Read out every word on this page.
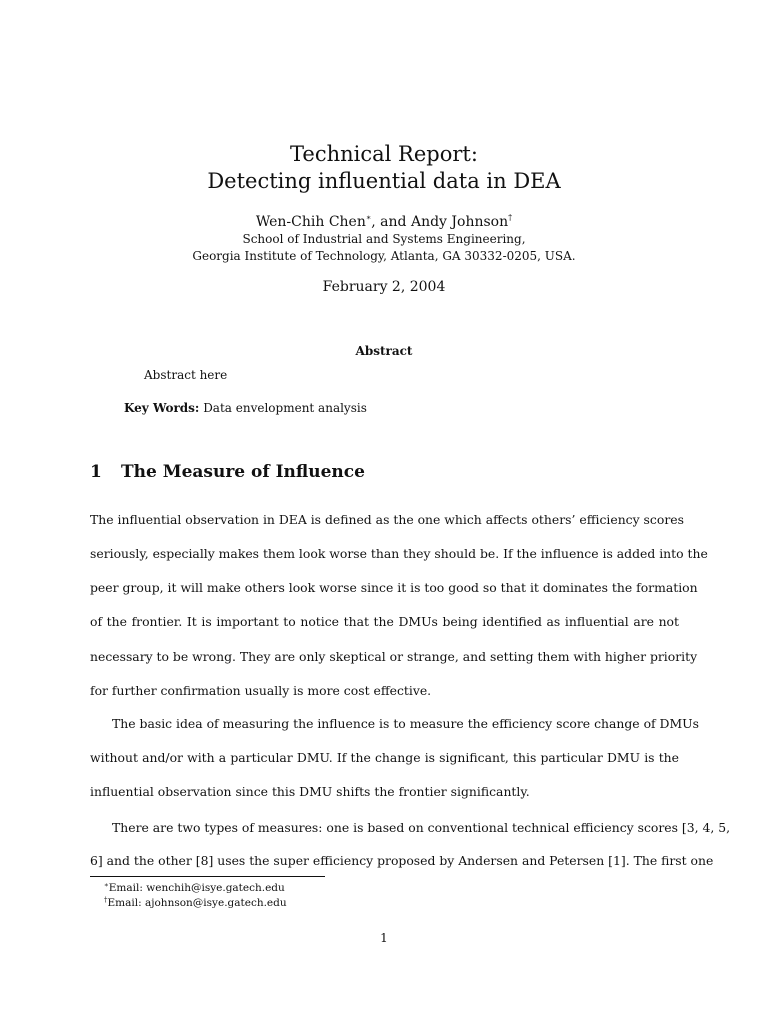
Technical Report:
Detecting influential data in DEA
Wen-Chih Chen∗, and Andy Johnson†
School of Industrial and Systems Engineering,
Georgia Institute of Technology, Atlanta, GA 30332-0205, USA.
February 2, 2004
Abstract
Abstract here
Key Words: Data envelopment analysis
1 The Measure of Influence
The influential observation in DEA is defined as the one which affects others’ efficiency scores
seriously, especially makes them look worse than they should be. If the influence is added into the
peer group, it will make others look worse since it is too good so that it dominates the formation
of the frontier. It is important to notice that the DMUs being identified as influential are not
necessary to be wrong. They are only skeptical or strange, and setting them with higher priority
for further confirmation usually is more cost effective.
The basic idea of measuring the influence is to measure the efficiency score change of DMUs
without and/or with a particular DMU. If the change is significant, this particular DMU is the
influential observation since this DMU shifts the frontier significantly.
There are two types of measures: one is based on conventional technical efficiency scores [3, 4, 5,
6] and the other [8] uses the super efficiency proposed by Andersen and Petersen [1]. The first one
∗Email: wenchih@isye.gatech.edu
†Email: ajohnson@isye.gatech.edu
1
